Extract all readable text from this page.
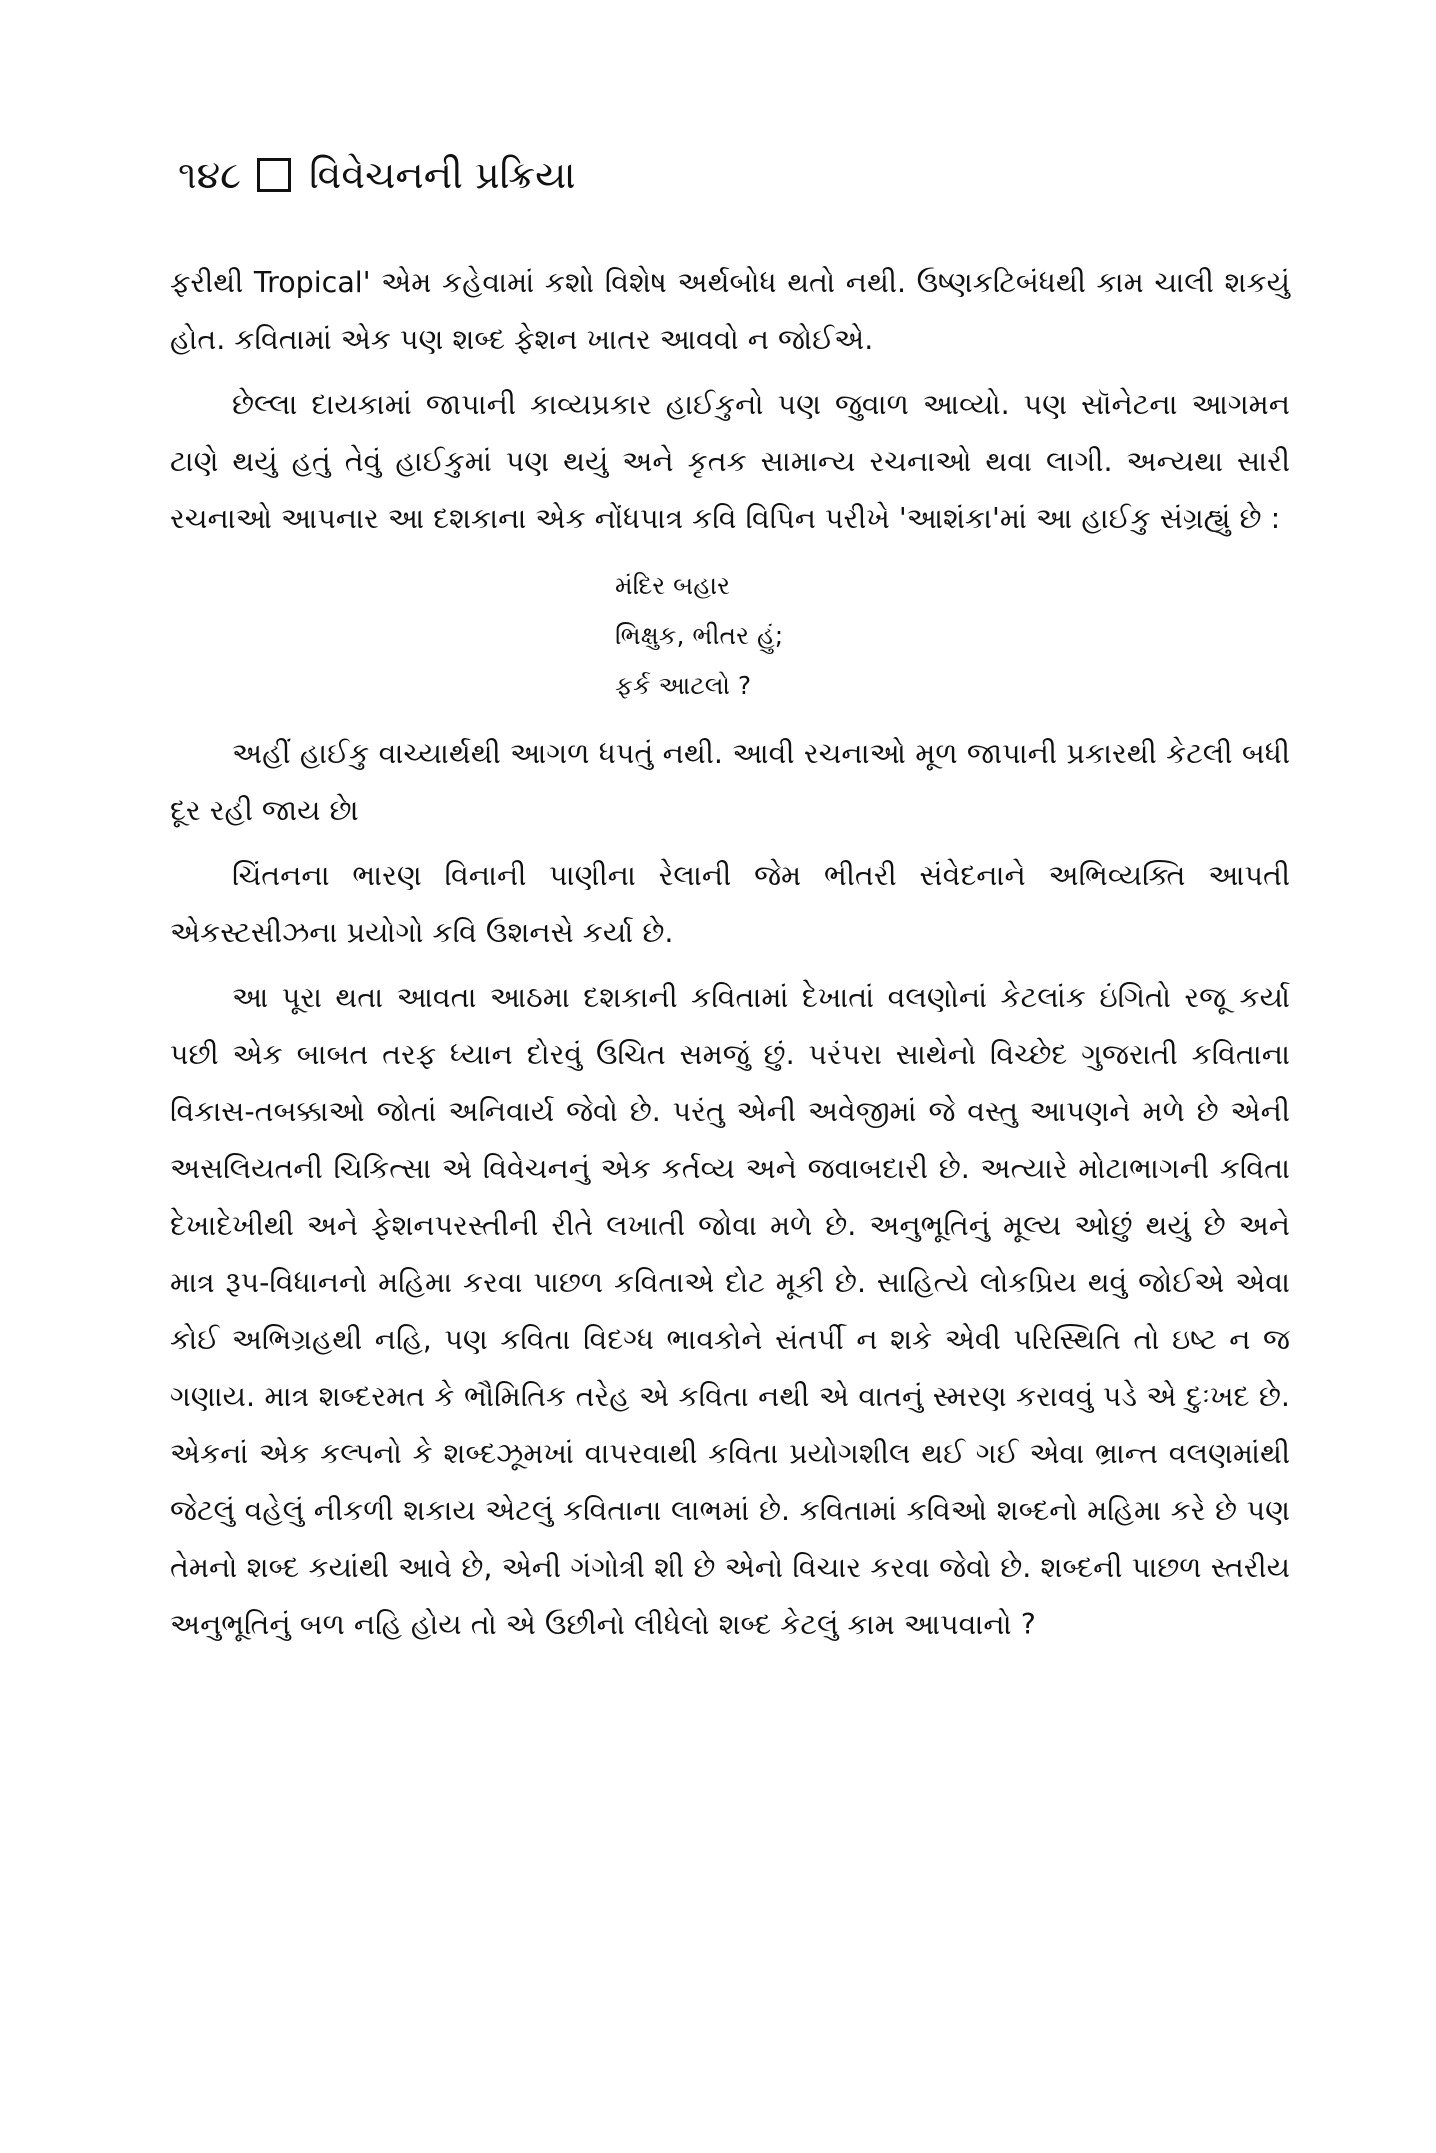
૧૪૮ વિવેચનની પ્રક્રિયા

ફરીથી Tropical' એમ કહેવામાં કશો વિશેષ અર્થબોધ થતો નથી. ઉષ્ણકટિબંધથી કામ ચાલી શકયું હોત. કવિતામાં એક પણ શબ્દ ફેશન ખાતર આવવો ન જોઈએ.

છેલ્લા દાયકામાં જાપાની કાવ્યપ્રકાર હાઈકુનો પણ જુવાળ આવ્યો. પણ સૉનેટના આગમન ટાણે થયું હતું તેવું હાઈકુમાં પણ થયું અને કૃતક સામાન્ય રચનાઓ થવા લાગી. અન્યથા સારી રચનાઓ આપનાર આ દશકાના એક નોંધપાત્ર કવિ વિપિન પરીખે 'આશંકા'માં આ હાઈકુ સંગ્રહ્યું છે :

મંદિર બહાર
ભિક્ષુક, ભીતર હું;
ફર્ક આટલો ?

અહીં હાઈકુ વાચ્યાર્થથી આગળ ધપતું નથી. આવી રચનાઓ મૂળ જાપાની પ્રકારથી કેટલી બધી દૂર રહી જાય છે।

ચિંતનના ભારણ વિનાની પાણીના રેલાની જેમ ભીતરી સંવેદનાને અભિવ્યક્તિ આપતી એકસ્ટસીઝના પ્રયોગો કવિ ઉશનસે કર્યા છે.

આ પૂરા થતા આવતા આઠમા દશકાની કવિતામાં દેખાતાં વલણોનાં કેટલાંક ઇંગિતો રજૂ કર્યા પછી એક બાબત તરફ ધ્યાન દોરવું ઉચિત સમજું છું. પરંપરા સાથેનો વિચ્છેદ ગુજરાતી કવિતાના વિકાસ-તબક્કાઓ જોતાં અનિવાર્ય જેવો છે. પરંતુ એની અવેજીમાં જે વસ્તુ આપણને મળે છે એની અસલિયતની ચિકિત્સા એ વિવેચનનું એક કર્તવ્ય અને જવાબદારી છે. અત્યારે મોટાભાગની કવિતા દેખાદેખીથી અને ફેશનપરસ્તીની રીતે લખાતી જોવા મળે છે. અનુભૂતિનું મૂલ્ય ઓછું થયું છે અને માત્ર રૂપ-વિધાનનો મહિમા કરવા પાછળ કવિતાએ દોટ મૂકી છે. સાહિત્યે લોકપ્રિય થવું જોઈએ એવા કોઈ અભિગ્રહથી નહિ, પણ કવિતા વિદગ્ધ ભાવકોને સંતર્પી ન શકે એવી પરિસ્થિતિ તો ઇષ્ટ ન જ ગણાય. માત્ર શબ્દરમત કે ભૌમિતિક તરેહ એ કવિતા નથી એ વાતનું સ્મરણ કરાવવું પડે એ દુઃખદ છે. એકનાં એક કલ્પનો કે શબ્દઝૂમખાં વાપરવાથી કવિતા પ્રયોગશીલ થઈ ગઈ એવા ભ્રાન્ત વલણમાંથી જેટલું વહેલું નીકળી શકાય એટલું કવિતાના લાભમાં છે. કવિતામાં કવિઓ શબ્દનો મહિમા કરે છે પણ તેમનો શબ્દ કયાંથી આવે છે, એની ગંગોત્રી શી છે એનો વિચાર કરવા જેવો છે. શબ્દની પાછળ સ્તરીય અનુભૂતિનું બળ નહિ હોય તો એ ઉછીનો લીધેલો શબ્દ કેટલું કામ આપવાનો ?
